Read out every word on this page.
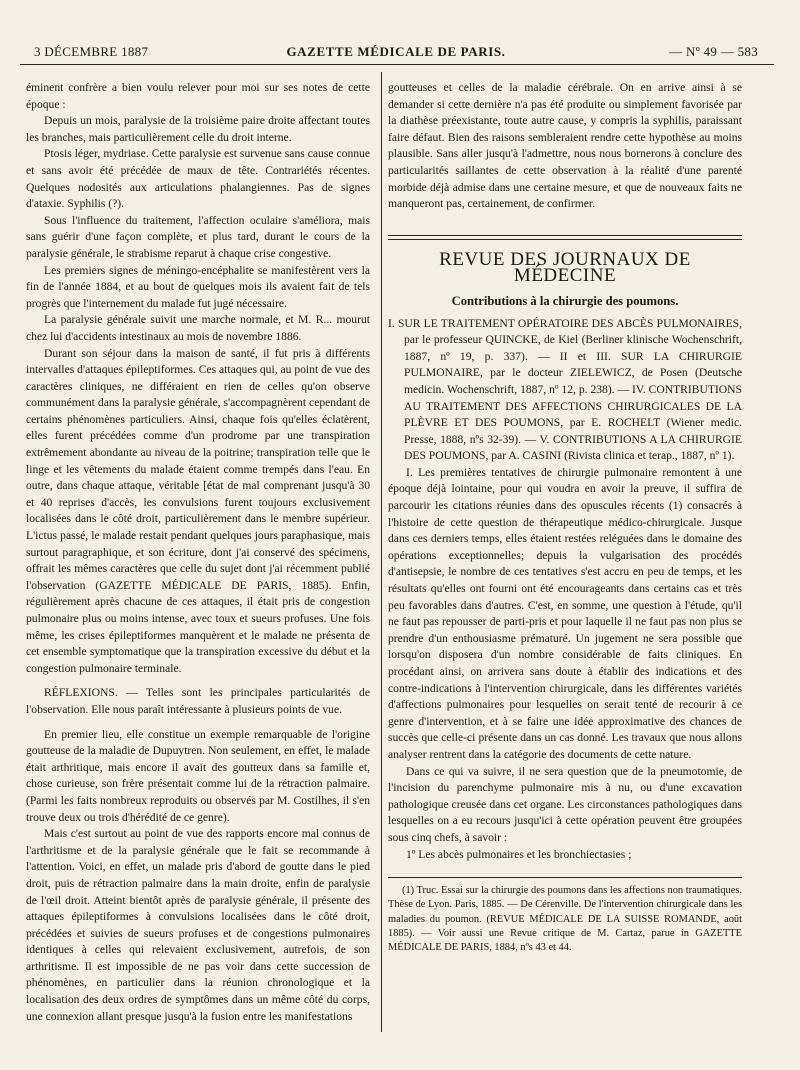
3 DÉCEMBRE 1887	GAZETTE MÉDICALE DE PARIS.	— Nº 49 — 583

éminent confrère a bien voulu relever pour moi sur ses notes de cette époque :

Depuis un mois, paralysie de la troisième paire droite affectant toutes les branches, mais particulièrement celle du droit interne.

Ptosis léger, mydriase. Cette paralysie est survenue sans cause connue et sans avoir été précédée de maux de tête. Contrariétés récentes. Quelques nodosités aux articulations phalangiennes. Pas de signes d'ataxie. Syphilis (?).

Sous l'influence du traitement, l'affection oculaire s'améliora, mais sans guérir d'une façon complète, et plus tard, durant le cours de la paralysie générale, le strabisme reparut à chaque crise congestive.

Les premiers signes de méningo-encéphalite se manifestèrent vers la fin de l'année 1884, et au bout de quelques mois ils avaient fait de tels progrès que l'internement du malade fut jugé nécessaire.

La paralysie générale suivit une marche normale, et M. R... mourut chez lui d'accidents intestinaux au mois de novembre 1886.

Durant son séjour dans la maison de santé, il fut pris à différents intervalles d'attaques épileptiformes. Ces attaques qui, au point de vue des caractères cliniques, ne différaient en rien de celles qu'on observe communément dans la paralysie générale, s'accompagnèrent cependant de certains phénomènes particuliers. Ainsi, chaque fois qu'elles éclatèrent, elles furent précédées comme d'un prodrome par une transpiration extrêmement abondante au niveau de la poitrine; transpiration telle que le linge et les vêtements du malade étaient comme trempés dans l'eau. En outre, dans chaque attaque, véritable [état de mal comprenant jusqu'à 30 et 40 reprises d'accès, les convulsions furent toujours exclusivement localisées dans le côté droit, particulièrement dans le membre supérieur. L'ictus passé, le malade restait pendant quelques jours paraphasique, mais surtout paragraphique, et son écriture, dont j'ai conservé des spécimens, offrait les mêmes caractères que celle du sujet dont j'ai récemment publié l'observation (GAZETTE MÉDICALE DE PARIS, 1885). Enfin, régulièrement après chacune de ces attaques, il était pris de congestion pulmonaire plus ou moins intense, avec toux et sueurs profuses. Une fois même, les crises épileptiformes manquèrent et le malade ne présenta de cet ensemble symptomatique que la transpiration excessive du début et la congestion pulmonaire terminale.

RÉFLEXIONS. — Telles sont les principales particularités de l'observation. Elle nous paraît intéressante à plusieurs points de vue.

En premier lieu, elle constitue un exemple remarquable de l'origine goutteuse de la maladie de Dupuytren. Non seulement, en effet, le malade était arthritique, mais encore il avait des goutteux dans sa famille et, chose curieuse, son frère présentait comme lui de la rétraction palmaire. (Parmi les faits nombreux reproduits ou observés par M. Costilhes, il s'en trouve deux ou trois d'hérédité de ce genre).

Mais c'est surtout au point de vue des rapports encore mal connus de l'arthritisme et de la paralysie générale que le fait se recommande à l'attention. Voici, en effet, un malade pris d'abord de goutte dans le pied droit, puis de rétraction palmaire dans la main droite, enfin de paralysie de l'œil droit. Atteint bientôt après de paralysie générale, il présente des attaques épileptiformes à convulsions localisées dans le côté droit, précédées et suivies de sueurs profuses et de congestions pulmonaires identiques à celles qui relevaient exclusivement, autrefois, de son arthritisme. Il est impossible de ne pas voir dans cette succession de phénomènes, en particulier dans la réunion chronologique et la localisation des deux ordres de symptômes dans un même côté du corps, une connexion allant presque jusqu'à la fusion entre les manifestations

goutteuses et celles de la maladie cérébrale. On en arrive ainsi à se demander si cette dernière n'a pas été produite ou simplement favorisée par la diathèse préexistante, toute autre cause, y compris la syphilis, paraissant faire défaut. Bien des raisons sembleraient rendre cette hypothèse au moins plausible. Sans aller jusqu'à l'admettre, nous nous bornerons à conclure des particularités saillantes de cette observation à la réalité d'une parenté morbide déjà admise dans une certaine mesure, et que de nouveaux faits ne manqueront pas, certainement, de confirmer.

REVUE DES JOURNAUX DE MÉDECINE
Contributions à la chirurgie des poumons.

I. SUR LE TRAITEMENT OPÉRATOIRE DES ABCÈS PULMONAIRES, par le professeur QUINCKE, de Kiel (Berliner klinische Wochenschrift, 1887, nº 19, p. 337). — II et III. SUR LA CHIRURGIE PULMONAIRE, par le docteur ZIELEWICZ, de Posen (Deutsche medicin. Wochenschrift, 1887, nº 12, p. 238). — IV. CONTRIBUTIONS AU TRAITEMENT DES AFFECTIONS CHIRURGICALES DE LA PLÈVRE ET DES POUMONS, par E. ROCHELT (Wiener medic. Presse, 1888, nºs 32-39). — V. CONTRIBUTIONS A LA CHIRURGIE DES POUMONS, par A. CASINI (Rivista clinica et terap., 1887, nº 1).

I. Les premières tentatives de chirurgie pulmonaire remontent à une époque déjà lointaine, pour qui voudra en avoir la preuve, il suffira de parcourir les citations réunies dans des opuscules récents (1) consacrés à l'histoire de cette question de thérapeutique médico-chirurgicale. Jusque dans ces derniers temps, elles étaient restées reléguées dans le domaine des opérations exceptionnelles; depuis la vulgarisation des procédés d'antisepsie, le nombre de ces tentatives s'est accru en peu de temps, et les résultats qu'elles ont fourni ont été encourageants dans certains cas et très peu favorables dans d'autres. C'est, en somme, une question à l'étude, qu'il ne faut pas repousser de parti-pris et pour laquelle il ne faut pas non plus se prendre d'un enthousiasme prématuré. Un jugement ne sera possible que lorsqu'on disposera d'un nombre considérable de faits cliniques. En procédant ainsi, on arrivera sans doute à établir des indications et des contre-indications à l'intervention chirurgicale, dans les différentes variétés d'affections pulmonaires pour lesquelles on serait tenté de recourir à ce genre d'intervention, et à se faire une idée approximative des chances de succès que celle-ci présente dans un cas donné. Les travaux que nous allons analyser rentrent dans la catégorie des documents de cette nature.

Dans ce qui va suivre, il ne sera question que de la pneumotomie, de l'incision du parenchyme pulmonaire mis à nu, ou d'une excavation pathologique creusée dans cet organe. Les circonstances pathologiques dans lesquelles on a eu recours jusqu'ici à cette opération peuvent être groupées sous cinq chefs, à savoir :

1º Les abcès pulmonaires et les bronchiectasies ;

(1) Truc. Essai sur la chirurgie des poumons dans les affections non traumatiques. Thèse de Lyon. Paris, 1885. — De Cérenville. De l'intervention chirurgicale dans les maladies du poumon. (REVUE MÉDICALE DE LA SUISSE ROMANDE, août 1885). — Voir aussi une Revue critique de M. Cartaz, parue in GAZETTE MÉDICALE DE PARIS, 1884, nºs 43 et 44.
